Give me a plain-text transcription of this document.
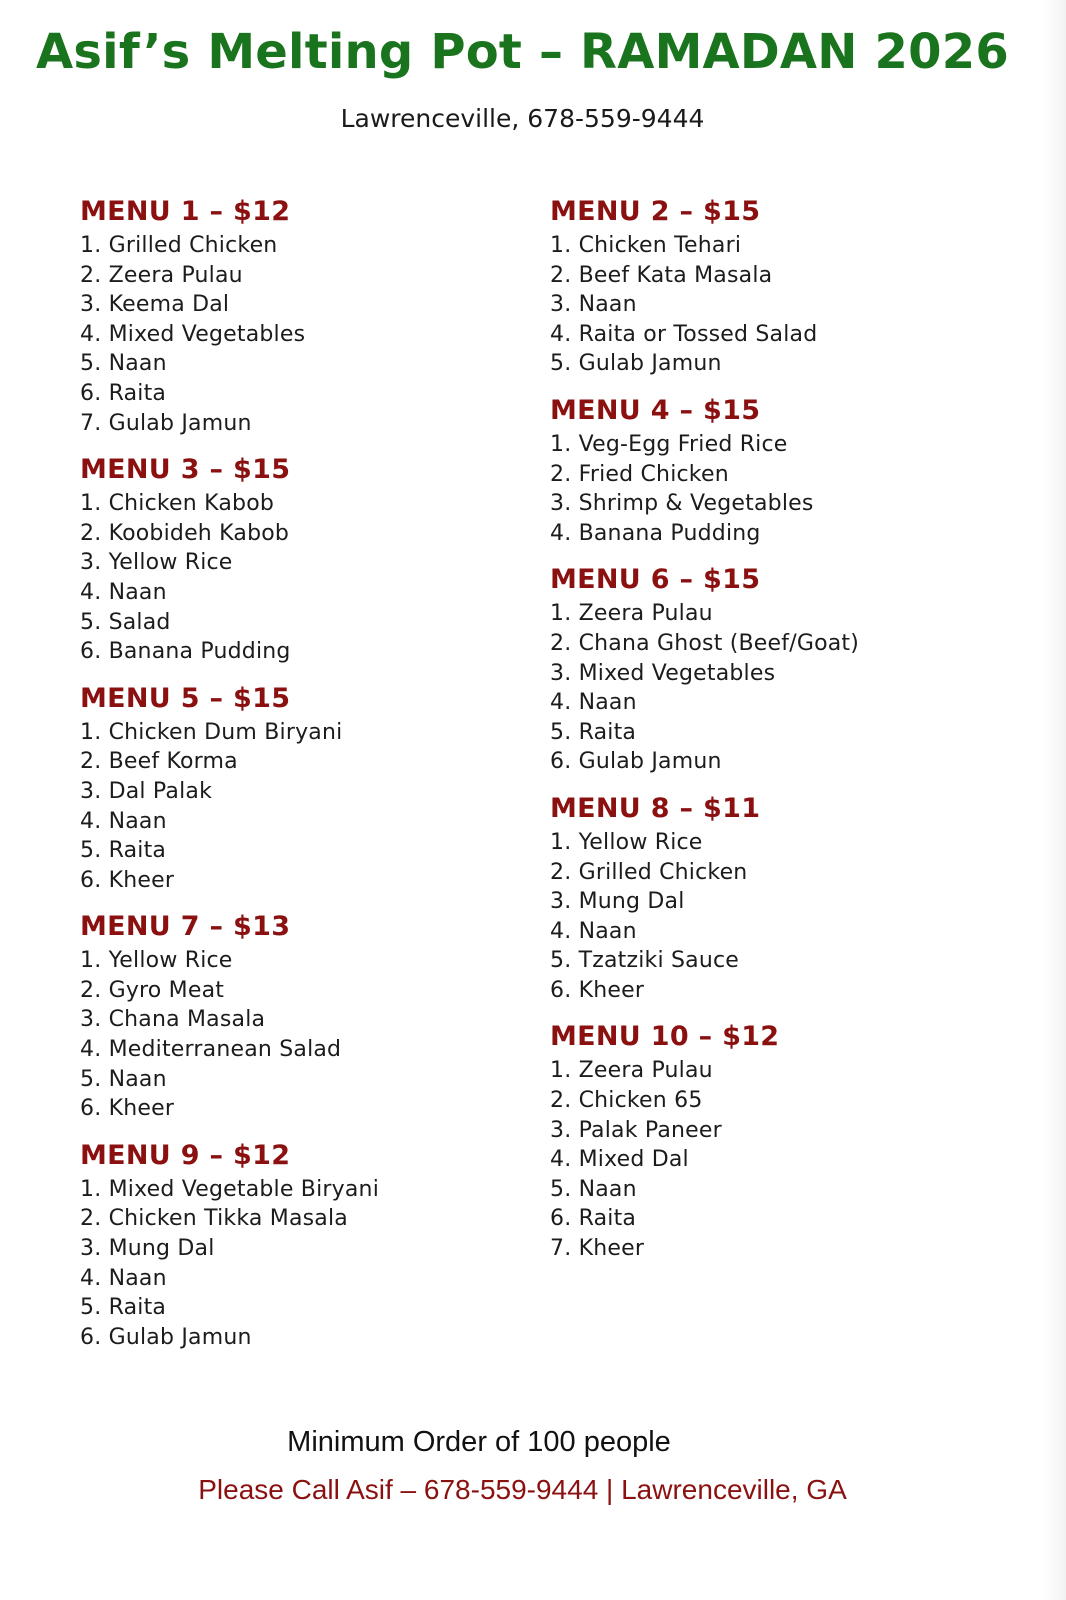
Asif’s Melting Pot – RAMADAN 2026
Lawrenceville, 678-559-9444
MENU 1 – $12
1. Grilled Chicken
2. Zeera Pulau
3. Keema Dal
4. Mixed Vegetables
5. Naan
6. Raita
7. Gulab Jamun
MENU 3 – $15
1. Chicken Kabob
2. Koobideh Kabob
3. Yellow Rice
4. Naan
5. Salad
6. Banana Pudding
MENU 5 – $15
1. Chicken Dum Biryani
2. Beef Korma
3. Dal Palak
4. Naan
5. Raita
6. Kheer
MENU 7 – $13
1. Yellow Rice
2. Gyro Meat
3. Chana Masala
4. Mediterranean Salad
5. Naan
6. Kheer
MENU 9 – $12
1. Mixed Vegetable Biryani
2. Chicken Tikka Masala
3. Mung Dal
4. Naan
5. Raita
6. Gulab Jamun
MENU 2 – $15
1. Chicken Tehari
2. Beef Kata Masala
3. Naan
4. Raita or Tossed Salad
5. Gulab Jamun
MENU 4 – $15
1. Veg-Egg Fried Rice
2. Fried Chicken
3. Shrimp & Vegetables
4. Banana Pudding
MENU 6 – $15
1. Zeera Pulau
2. Chana Ghost (Beef/Goat)
3. Mixed Vegetables
4. Naan
5. Raita
6. Gulab Jamun
MENU 8 – $11
1. Yellow Rice
2. Grilled Chicken
3. Mung Dal
4. Naan
5. Tzatziki Sauce
6. Kheer
MENU 10 – $12
1. Zeera Pulau
2. Chicken 65
3. Palak Paneer
4. Mixed Dal
5. Naan
6. Raita
7. Kheer
Minimum Order of 100 people
Please Call Asif – 678-559-9444 | Lawrenceville, GA
